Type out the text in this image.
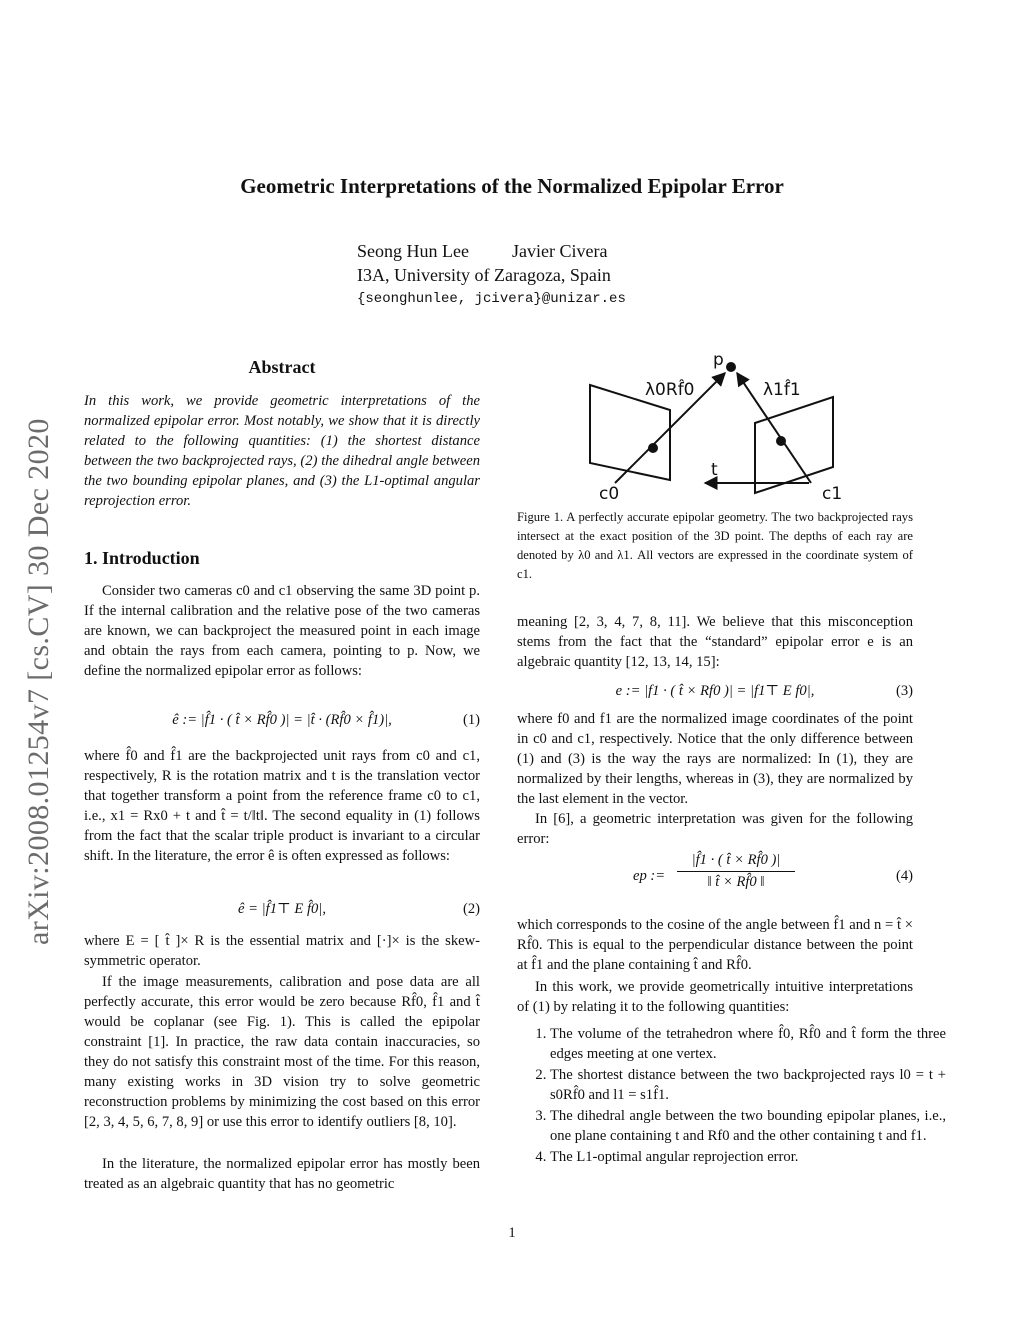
Geometric Interpretations of the Normalized Epipolar Error
Seong Hun Lee Javier Civera
I3A, University of Zaragoza, Spain
{seonghunlee, jcivera}@unizar.es
arXiv:2008.01254v7 [cs.CV] 30 Dec 2020
Abstract
In this work, we provide geometric interpretations of the normalized epipolar error. Most notably, we show that it is directly related to the following quantities: (1) the shortest distance between the two backprojected rays, (2) the dihedral angle between the two bounding epipolar planes, and (3) the L1-optimal angular reprojection error.
1. Introduction

Consider two cameras c0 and c1 observing the same 3D point p. If the internal calibration and the relative pose of the two cameras are known, we can backproject the measured point in each image and obtain the rays from each camera, pointing to p. Now, we define the normalized epipolar error as follows:

ê := |f̂1 · ( t̂ × Rf̂0 )| = |t̂ · (Rf̂0 × f̂1)|,	(1)

where f̂0 and f̂1 are the backprojected unit rays from c0 and c1, respectively, R is the rotation matrix and t is the translation vector that together transform a point from the reference frame c0 to c1, i.e., x1 = Rx0 + t and t̂ = t/‖t‖. The second equality in (1) follows from the fact that the scalar triple product is invariant to a circular shift. In the literature, the error ê is often expressed as follows:

ê = |f̂1⊤ E f̂0|,	(2)

where E = [ t̂ ]× R is the essential matrix and [·]× is the skew-symmetric operator.

If the image measurements, calibration and pose data are all perfectly accurate, this error would be zero because Rf̂0, f̂1 and t̂ would be coplanar (see Fig. 1). This is called the epipolar constraint [1]. In practice, the raw data contain inaccuracies, so they do not satisfy this constraint most of the time. For this reason, many existing works in 3D vision try to solve geometric reconstruction problems by minimizing the cost based on this error [2, 3, 4, 5, 6, 7, 8, 9] or use this error to identify outliers [8, 10].

In the literature, the normalized epipolar error has mostly been treated as an algebraic quantity that has no geometric

p
λ0Rf̂0	λ1f̂1
t
c0	c1
Figure 1. A perfectly accurate epipolar geometry. The two backprojected rays intersect at the exact position of the 3D point. The depths of each ray are denoted by λ0 and λ1. All vectors are expressed in the coordinate system of c1.

meaning [2, 3, 4, 7, 8, 11]. We believe that this misconception stems from the fact that the “standard” epipolar error e is an algebraic quantity [12, 13, 14, 15]:

e := |f1 · ( t̂ × Rf0 )| = |f1⊤ E f0|,	(3)

where f0 and f1 are the normalized image coordinates of the point in c0 and c1, respectively. Notice that the only difference between (1) and (3) is the way the rays are normalized: In (1), they are normalized by their lengths, whereas in (3), they are normalized by the last element in the vector.

In [6], a geometric interpretation was given for the following error:

ep :=
|f̂1 · ( t̂ × Rf̂0 )|
‖ t̂ × Rf̂0 ‖	(4)

which corresponds to the cosine of the angle between f̂1 and n = t̂ × Rf̂0. This is equal to the perpendicular distance between the point at f̂1 and the plane containing t̂ and Rf̂0.

In this work, we provide geometrically intuitive interpretations of (1) by relating it to the following quantities:

1. The volume of the tetrahedron where f̂0, Rf̂0 and t̂ form the three edges meeting at one vertex.
2. The shortest distance between the two backprojected rays l0 = t + s0Rf̂0 and l1 = s1f̂1.
3. The dihedral angle between the two bounding epipolar planes, i.e., one plane containing t and Rf0 and the other containing t and f1.
4. The L1-optimal angular reprojection error.
1
